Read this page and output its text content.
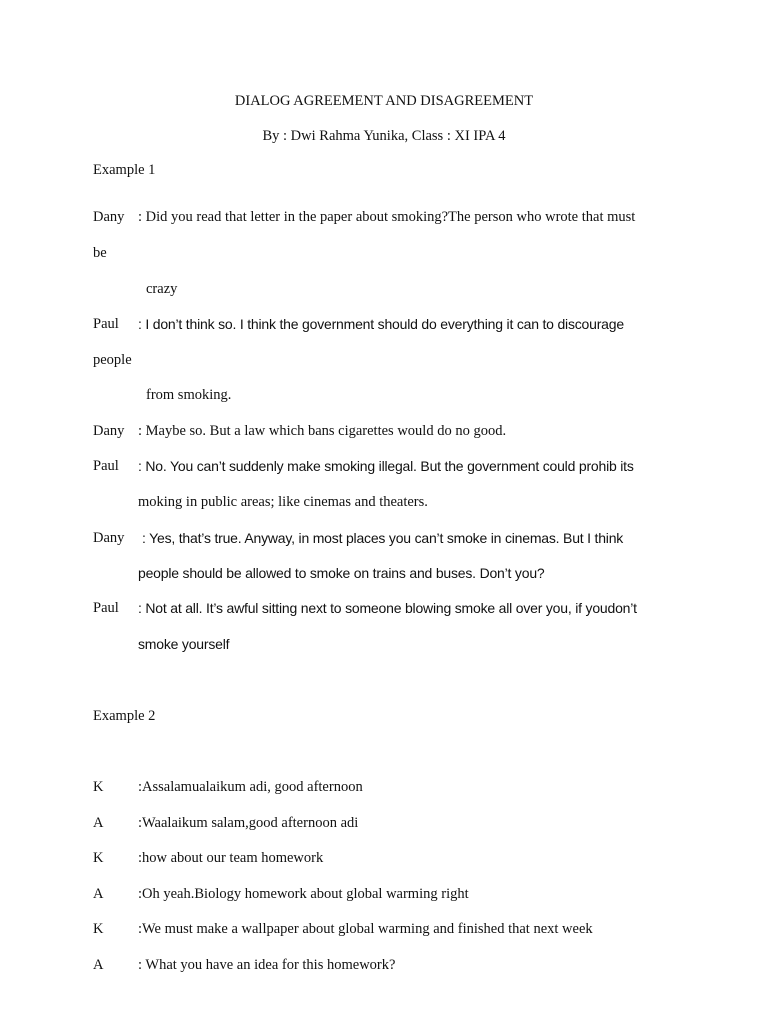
DIALOG AGREEMENT AND DISAGREEMENT
By : Dwi Rahma Yunika, Class : XI IPA 4
Example 1
Dany : Did you read that letter in the paper about smoking?The person who wrote that must
be
crazy
Paul : I don’t think so. I think the government should do everything it can to discourage
people
from smoking.
Dany : Maybe so. But a law which bans cigarettes would do no good.
Paul : No. You can’t suddenly make smoking illegal. But the government could prohib its
moking in public areas; like cinemas and theaters.
Dany : Yes, that’s true. Anyway, in most places you can’t smoke in cinemas. But I think
people should be allowed to smoke on trains and buses. Don’t you?
Paul : Not at all. It’s awful sitting next to someone blowing smoke all over you, if youdon’t
smoke yourself
Example 2
K :Assalamualaikum adi, good afternoon
A :Waalaikum salam,good afternoon adi
K :how about our team homework
A :Oh yeah.Biology homework about global warming right
K :We must make a wallpaper about global warming and finished that next week
A : What you have an idea for this homework?
